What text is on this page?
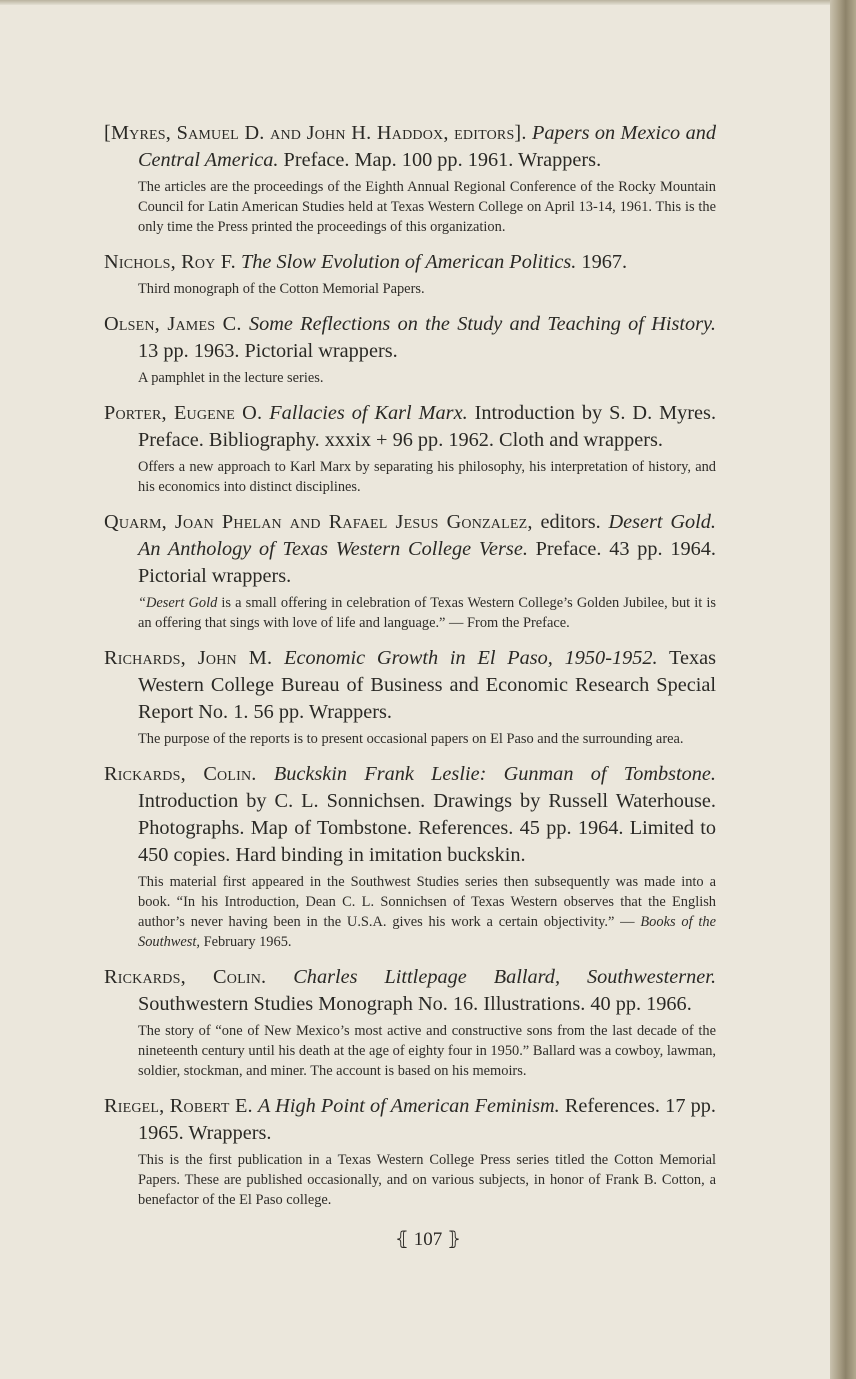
[Myres, Samuel D. and John H. Haddox, editors]. Papers on Mexico and Central America. Preface. Map. 100 pp. 1961. Wrappers.

The articles are the proceedings of the Eighth Annual Regional Conference of the Rocky Mountain Council for Latin American Studies held at Texas Western College on April 13-14, 1961. This is the only time the Press printed the proceedings of this organization.

Nichols, Roy F. The Slow Evolution of American Politics. 1967.

Third monograph of the Cotton Memorial Papers.

Olsen, James C. Some Reflections on the Study and Teaching of History. 13 pp. 1963. Pictorial wrappers.

A pamphlet in the lecture series.

Porter, Eugene O. Fallacies of Karl Marx. Introduction by S. D. Myres. Preface. Bibliography. xxxix + 96 pp. 1962. Cloth and wrappers.

Offers a new approach to Karl Marx by separating his philosophy, his interpretation of history, and his economics into distinct disciplines.

Quarm, Joan Phelan and Rafael Jesus Gonzalez, editors. Desert Gold. An Anthology of Texas Western College Verse. Preface. 43 pp. 1964. Pictorial wrappers.

“Desert Gold is a small offering in celebration of Texas Western College’s Golden Jubilee, but it is an offering that sings with love of life and language.” — From the Preface.

Richards, John M. Economic Growth in El Paso, 1950-1952. Texas Western College Bureau of Business and Economic Research Special Report No. 1. 56 pp. Wrappers.

The purpose of the reports is to present occasional papers on El Paso and the surrounding area.

Rickards, Colin. Buckskin Frank Leslie: Gunman of Tombstone. Introduction by C. L. Sonnichsen. Drawings by Russell Waterhouse. Photographs. Map of Tombstone. References. 45 pp. 1964. Limited to 450 copies. Hard binding in imitation buckskin.

This material first appeared in the Southwest Studies series then subsequently was made into a book. “In his Introduction, Dean C. L. Sonnichsen of Texas Western observes that the English author’s never having been in the U.S.A. gives his work a certain objectivity.” — Books of the Southwest, February 1965.

Rickards, Colin. Charles Littlepage Ballard, Southwesterner. Southwestern Studies Monograph No. 16. Illustrations. 40 pp. 1966.

The story of “one of New Mexico’s most active and constructive sons from the last decade of the nineteenth century until his death at the age of eighty four in 1950.” Ballard was a cowboy, lawman, soldier, stockman, and miner. The account is based on his memoirs.

Riegel, Robert E. A High Point of American Feminism. References. 17 pp. 1965. Wrappers.

This is the first publication in a Texas Western College Press series titled the Cotton Memorial Papers. These are published occasionally, and on various subjects, in honor of Frank B. Cotton, a benefactor of the El Paso college.

⦃ 107 ⦄
